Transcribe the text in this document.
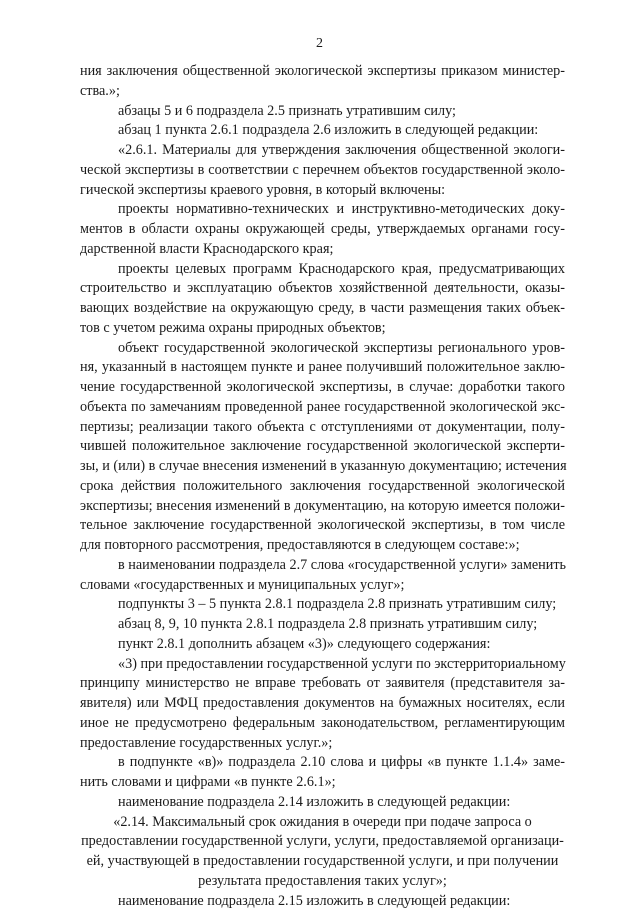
2
ния заключения общественной экологической экспертизы приказом министер-
ства.»;
абзацы 5 и 6 подраздела 2.5 признать утратившим силу;
абзац 1 пункта 2.6.1 подраздела 2.6 изложить в следующей редакции:
«2.6.1. Материалы для утверждения заключения общественной экологи-
ческой экспертизы в соответствии с перечнем объектов государственной эколо-
гической экспертизы краевого уровня, в который включены:
проекты нормативно-технических и инструктивно-методических доку-
ментов в области охраны окружающей среды, утверждаемых органами госу-
дарственной власти Краснодарского края;
проекты целевых программ Краснодарского края, предусматривающих
строительство и эксплуатацию объектов хозяйственной деятельности, оказы-
вающих воздействие на окружающую среду, в части размещения таких объек-
тов с учетом режима охраны природных объектов;
объект государственной экологической экспертизы регионального уров-
ня, указанный в настоящем пункте и ранее получивший положительное заклю-
чение государственной экологической экспертизы, в случае: доработки такого
объекта по замечаниям проведенной ранее государственной экологической экс-
пертизы; реализации такого объекта с отступлениями от документации, полу-
чившей положительное заключение государственной экологической эксперти-
зы, и (или) в случае внесения изменений в указанную документацию; истечения
срока действия положительного заключения государственной экологической
экспертизы; внесения изменений в документацию, на которую имеется положи-
тельное заключение государственной экологической экспертизы, в том числе
для повторного рассмотрения, предоставляются в следующем составе:»;
в наименовании подраздела 2.7 слова «государственной услуги» заменить
словами «государственных и муниципальных услуг»;
подпункты 3 – 5 пункта 2.8.1 подраздела 2.8 признать утратившим силу;
абзац 8, 9, 10 пункта 2.8.1 подраздела 2.8 признать утратившим силу;
пункт 2.8.1 дополнить абзацем «3)» следующего содержания:
«3) при предоставлении государственной услуги по экстерриториальному
принципу министерство не вправе требовать от заявителя (представителя за-
явителя) или МФЦ предоставления документов на бумажных носителях, если
иное не предусмотрено федеральным законодательством, регламентирующим
предоставление государственных услуг.»;
в подпункте «в)» подраздела 2.10 слова и цифры «в пункте 1.1.4» заме-
нить словами и цифрами «в пункте 2.6.1»;
наименование подраздела 2.14 изложить в следующей редакции:
«2.14. Максимальный срок ожидания в очереди при подаче запроса о
предоставлении государственной услуги, услуги, предоставляемой организаци-
ей, участвующей в предоставлении государственной услуги, и при получении
результата предоставления таких услуг»;
наименование подраздела 2.15 изложить в следующей редакции:
